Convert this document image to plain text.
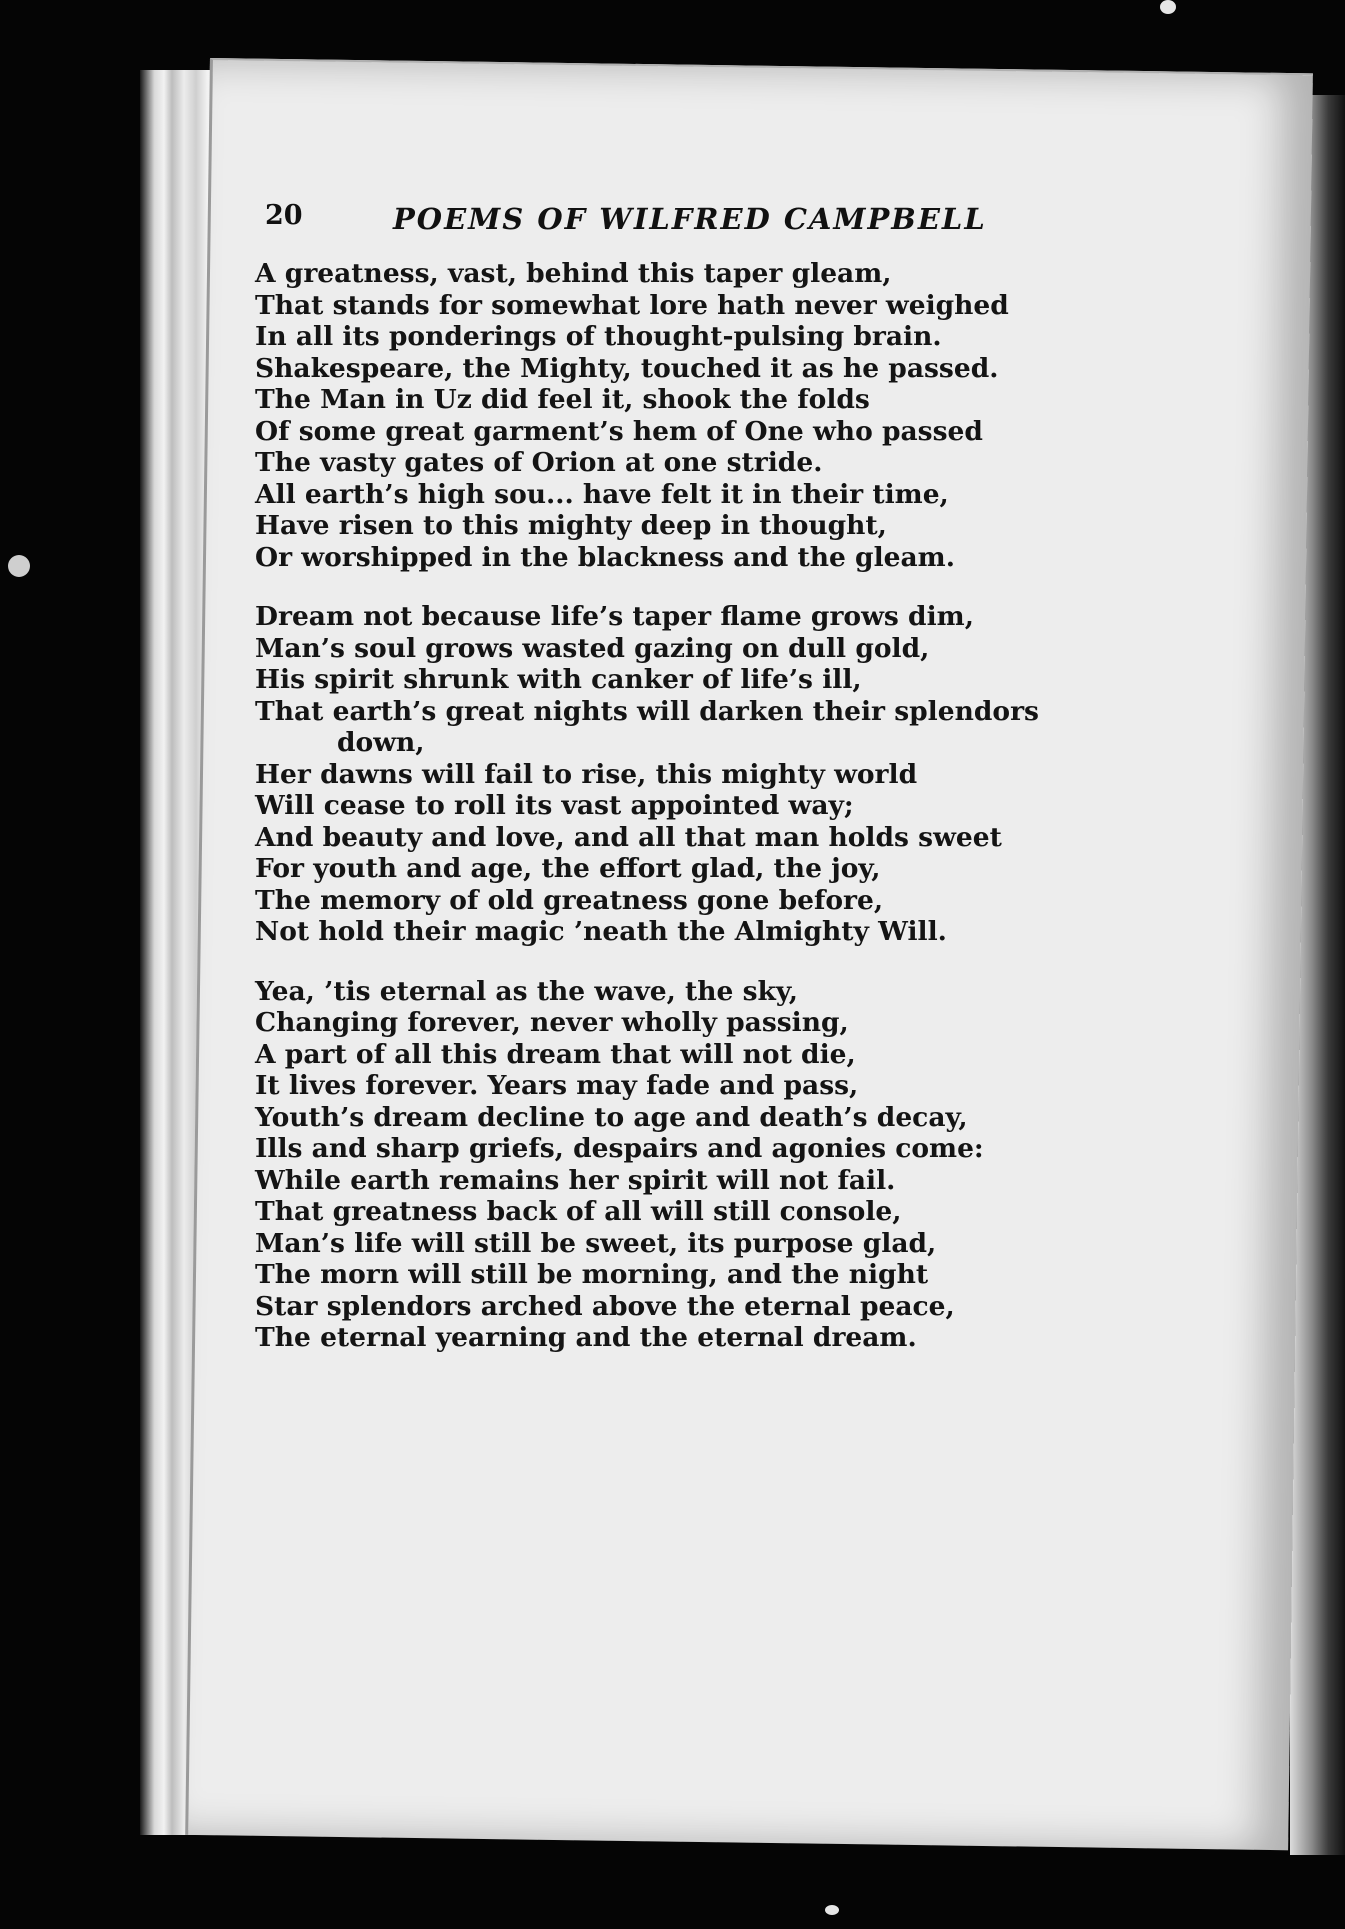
20	POEMS OF WILFRED CAMPBELL
A greatness, vast, behind this taper gleam,
That stands for somewhat lore hath never weighed
In all its ponderings of thought-pulsing brain.
Shakespeare, the Mighty, touched it as he passed.
The Man in Uz did feel it, shook the folds
Of some great garment’s hem of One who passed
The vasty gates of Orion at one stride.
All earth’s high sou... have felt it in their time,
Have risen to this mighty deep in thought,
Or worshipped in the blackness and the gleam.
Dream not because life’s taper flame grows dim,
Man’s soul grows wasted gazing on dull gold,
His spirit shrunk with canker of life’s ill,
That earth’s great nights will darken their splendors
down,
Her dawns will fail to rise, this mighty world
Will cease to roll its vast appointed way;
And beauty and love, and all that man holds sweet
For youth and age, the effort glad, the joy,
The memory of old greatness gone before,
Not hold their magic ’neath the Almighty Will.
Yea, ’tis eternal as the wave, the sky,
Changing forever, never wholly passing,
A part of all this dream that will not die,
It lives forever. Years may fade and pass,
Youth’s dream decline to age and death’s decay,
Ills and sharp griefs, despairs and agonies come:
While earth remains her spirit will not fail.
That greatness back of all will still console,
Man’s life will still be sweet, its purpose glad,
The morn will still be morning, and the night
Star splendors arched above the eternal peace,
The eternal yearning and the eternal dream.
